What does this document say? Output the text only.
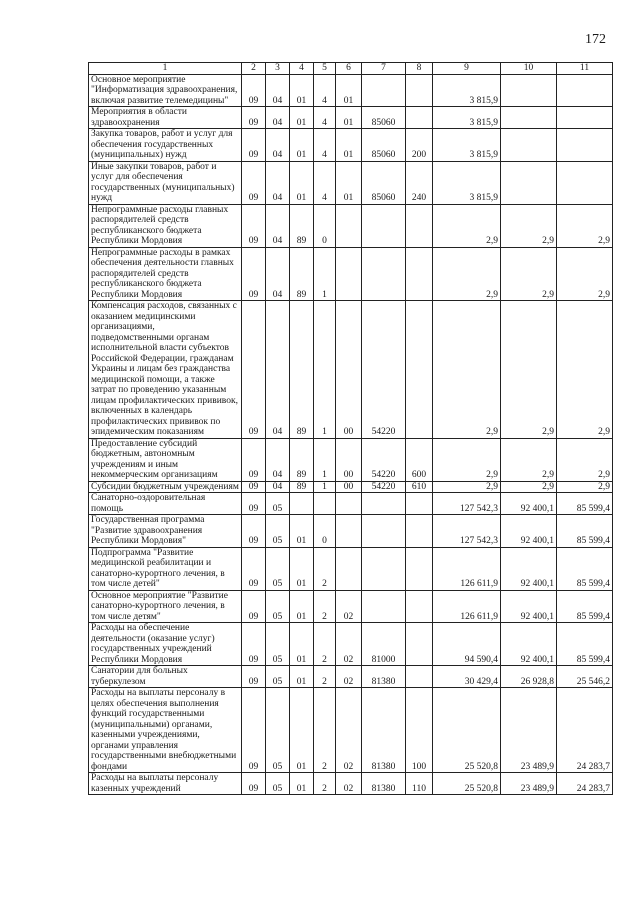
172
1	2	3	4	5	6	7	8	9	10	11
Основное мероприятие "Информатизация здравоохранения, включая развитие телемедицины"	09	04	01	4	01			3 815,9		
Мероприятия в области здравоохранения	09	04	01	4	01	85060		3 815,9		
Закупка товаров, работ и услуг для обеспечения государственных (муниципальных) нужд	09	04	01	4	01	85060	200	3 815,9		
Иные закупки товаров, работ и услуг для обеспечения государственных (муниципальных) нужд	09	04	01	4	01	85060	240	3 815,9		
Непрограммные расходы главных распорядителей средств республиканского бюджета Республики Мордовия	09	04	89	0				2,9	2,9	2,9
Непрограммные расходы в рамках обеспечения деятельности главных распорядителей средств республиканского бюджета Республики Мордовия	09	04	89	1				2,9	2,9	2,9
Компенсация расходов, связанных с оказанием медицинскими организациями, подведомственными органам исполнительной власти субъектов Российской Федерации, гражданам Украины и лицам без гражданства медицинской помощи, а также затрат по проведению указанным лицам профилактических прививок, включенных в календарь профилактических прививок по эпидемическим показаниям	09	04	89	1	00	54220		2,9	2,9	2,9
Предоставление субсидий бюджетным, автономным учреждениям и иным некоммерческим организациям	09	04	89	1	00	54220	600	2,9	2,9	2,9
Субсидии бюджетным учреждениям	09	04	89	1	00	54220	610	2,9	2,9	2,9
Санаторно-оздоровительная помощь	09	05						127 542,3	92 400,1	85 599,4
Государственная программа "Развитие здравоохранения Республики Мордовия"	09	05	01	0				127 542,3	92 400,1	85 599,4
Подпрограмма "Развитие медицинской реабилитации и санаторно-курортного лечения, в том числе детей"	09	05	01	2				126 611,9	92 400,1	85 599,4
Основное мероприятие "Развитие санаторно-курортного лечения, в том числе детям"	09	05	01	2	02			126 611,9	92 400,1	85 599,4
Расходы на обеспечение деятельности (оказание услуг) государственных учреждений Республики Мордовия	09	05	01	2	02	81000		94 590,4	92 400,1	85 599,4
Санатории для больных туберкулезом	09	05	01	2	02	81380		30 429,4	26 928,8	25 546,2
Расходы на выплаты персоналу в целях обеспечения выполнения функций государственными (муниципальными) органами, казенными учреждениями, органами управления государственными внебюджетными фондами	09	05	01	2	02	81380	100	25 520,8	23 489,9	24 283,7
Расходы на выплаты персоналу казенных учреждений	09	05	01	2	02	81380	110	25 520,8	23 489,9	24 283,7
